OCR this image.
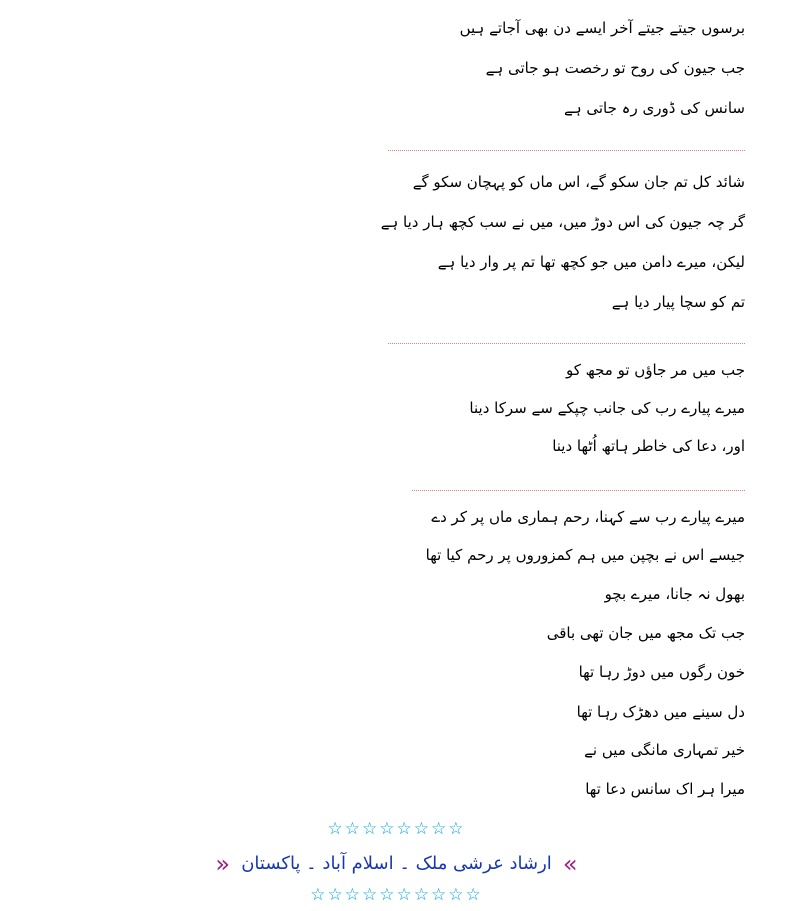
برسوں جیتے جیتے آخر ایسے دن بھی آجاتے ہیں
جب جیون کی روح تو رخصت ہو جاتی ہے
سانس کی ڈوری رہ جاتی ہے
شائد کل تم جان سکو گے، اس ماں کو پہچان سکو گے
گر چہ جیون کی اس دوڑ میں، میں نے سب کچھ ہار دیا ہے
لیکن، میرے دامن میں جو کچھ تھا تم پر وار دیا ہے
تم کو سچا پیار دیا ہے
جب میں مر جاؤں تو مجھ کو
میرے پیارے رب کی جانب چپکے سے سرکا دینا
اور، دعا کی خاطر ہاتھ اُٹھا دینا
میرے پیارے رب سے کہنا، رحم ہماری ماں پر کر دے
جیسے اس نے بچپن میں ہم کمزوروں پر رحم کیا تھا
بھول نہ جانا، میرے بچو
جب تک مجھ میں جان تھی باقی
خون رگوں میں دوڑ رہا تھا
دل سینے میں دھڑک رہا تھا
خیر تمہاری مانگی میں نے
میرا ہر اک سانس دعا تھا
☆☆☆☆☆☆☆☆
» ارشاد عرشی ملک ۔ اسلام آباد ۔ پاکستان «
☆☆☆☆☆☆☆☆☆☆
